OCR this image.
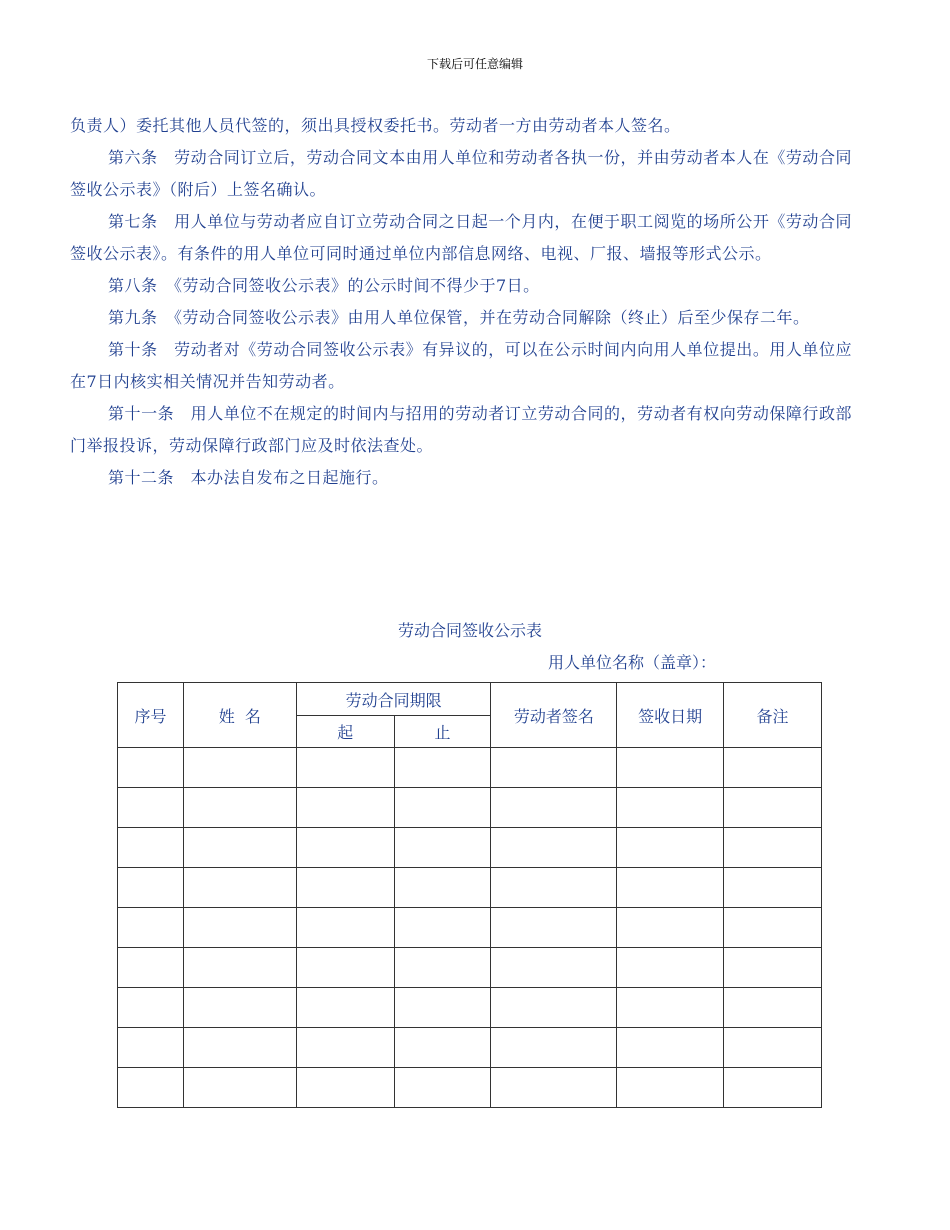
下载后可任意编辑

负责人）委托其他人员代签的，须出具授权委托书。劳动者一方由劳动者本人签名。

第六条　劳动合同订立后，劳动合同文本由用人单位和劳动者各执一份，并由劳动者本人在《劳动合同签收公示表》（附后）上签名确认。

第七条　用人单位与劳动者应自订立劳动合同之日起一个月内，在便于职工阅览的场所公开《劳动合同签收公示表》。有条件的用人单位可同时通过单位内部信息网络、电视、厂报、墙报等形式公示。

第八条　《劳动合同签收公示表》的公示时间不得少于7日。

第九条　《劳动合同签收公示表》由用人单位保管，并在劳动合同解除（终止）后至少保存二年。

第十条　劳动者对《劳动合同签收公示表》有异议的，可以在公示时间内向用人单位提出。用人单位应在7日内核实相关情况并告知劳动者。

第十一条　用人单位不在规定的时间内与招用的劳动者订立劳动合同的，劳动者有权向劳动保障行政部门举报投诉，劳动保障行政部门应及时依法查处。

第十二条　本办法自发布之日起施行。

劳动合同签收公示表
用人单位名称（盖章）：
序号	姓  名	劳动合同期限		劳动者签名	签收日期	备注
		起	止			
